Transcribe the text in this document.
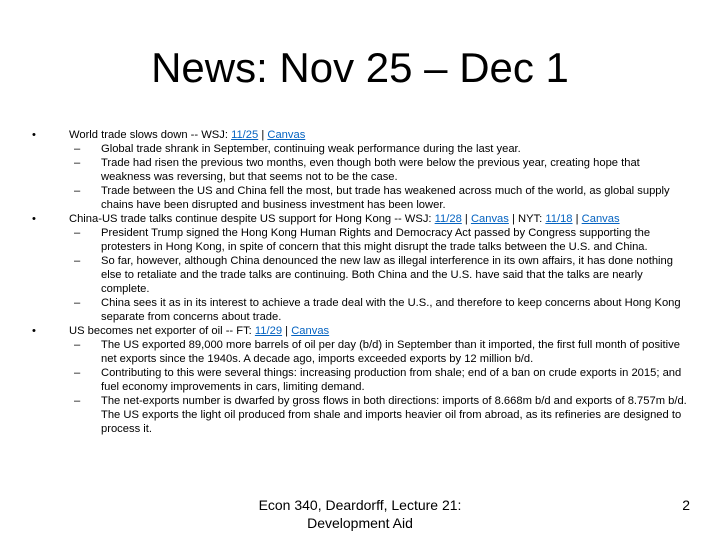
News: Nov 25 – Dec 1
•	World trade slows down -- WSJ: 11/25 | Canvas
– Global trade shrank in September, continuing weak performance during the last year.
– Trade had risen the previous two months, even though both were below the previous year, creating hope that weakness was reversing, but that seems not to be the case.
– Trade between the US and China fell the most, but trade has weakened across much of the world, as global supply chains have been disrupted and business investment has been lower.
•	China-US trade talks continue despite US support for Hong Kong -- WSJ: 11/28 | Canvas | NYT: 11/18 | Canvas
– President Trump signed the Hong Kong Human Rights and Democracy Act passed by Congress supporting the protesters in Hong Kong, in spite of concern that this might disrupt the trade talks between the U.S. and China.
– So far, however, although China denounced the new law as illegal interference in its own affairs, it has done nothing else to retaliate and the trade talks are continuing. Both China and the U.S. have said that the talks are nearly complete.
– China sees it as in its interest to achieve a trade deal with the U.S., and therefore to keep concerns about Hong Kong separate from concerns about trade.
•	US becomes net exporter of oil -- FT: 11/29 | Canvas
– The US exported 89,000 more barrels of oil per day (b/d) in September than it imported, the first full month of positive net exports since the 1940s. A decade ago, imports exceeded exports by 12 million b/d.
– Contributing to this were several things: increasing production from shale; end of a ban on crude exports in 2015; and fuel economy improvements in cars, limiting demand.
– The net-exports number is dwarfed by gross flows in both directions: imports of 8.668m b/d and exports of 8.757m b/d. The US exports the light oil produced from shale and imports heavier oil from abroad, as its refineries are designed to process it.
Econ 340, Deardorff, Lecture 21:
Development Aid
2
